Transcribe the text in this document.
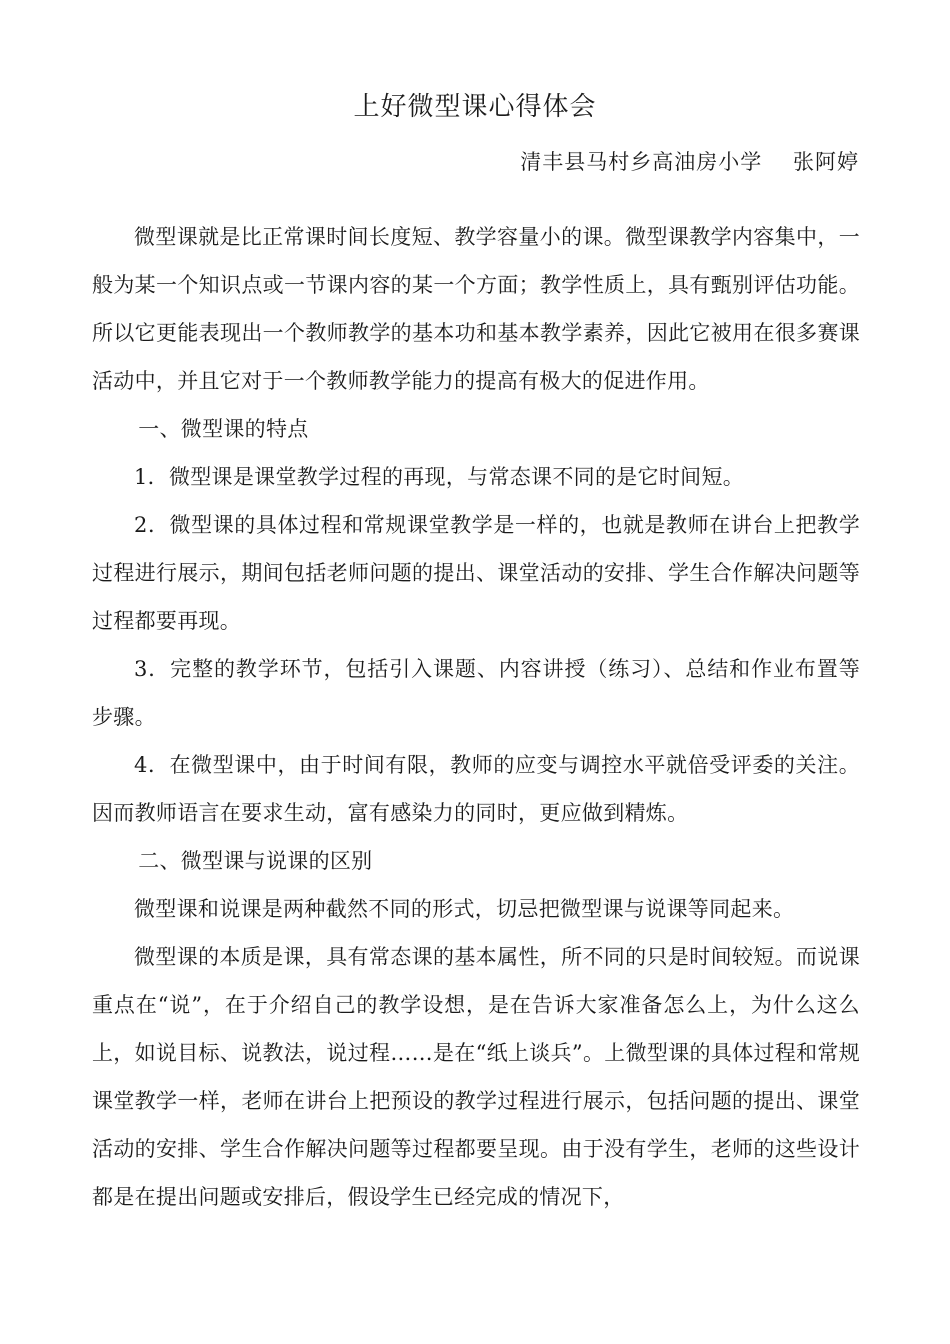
上好微型课心得体会
清丰县马村乡高油房小学    张阿婷

微型课就是比正常课时间长度短、教学容量小的课。微型课教学内容集中，一般为某一个知识点或一节课内容的某一个方面；教学性质上，具有甄别评估功能。所以它更能表现出一个教师教学的基本功和基本教学素养，因此它被用在很多赛课活动中，并且它对于一个教师教学能力的提高有极大的促进作用。

一、微型课的特点

1．微型课是课堂教学过程的再现，与常态课不同的是它时间短。

2．微型课的具体过程和常规课堂教学是一样的，也就是教师在讲台上把教学过程进行展示，期间包括老师问题的提出、课堂活动的安排、学生合作解决问题等过程都要再现。

3．完整的教学环节，包括引入课题、内容讲授（练习）、总结和作业布置等步骤。

4．在微型课中，由于时间有限，教师的应变与调控水平就倍受评委的关注。因而教师语言在要求生动，富有感染力的同时，更应做到精炼。

二、微型课与说课的区别

微型课和说课是两种截然不同的形式，切忌把微型课与说课等同起来。

微型课的本质是课，具有常态课的基本属性，所不同的只是时间较短。而说课重点在“说”，在于介绍自己的教学设想，是在告诉大家准备怎么上，为什么这么上，如说目标、说教法，说过程……是在“纸上谈兵”。上微型课的具体过程和常规课堂教学一样，老师在讲台上把预设的教学过程进行展示，包括问题的提出、课堂活动的安排、学生合作解决问题等过程都要呈现。由于没有学生，老师的这些设计都是在提出问题或安排后，假设学生已经完成的情况下，
